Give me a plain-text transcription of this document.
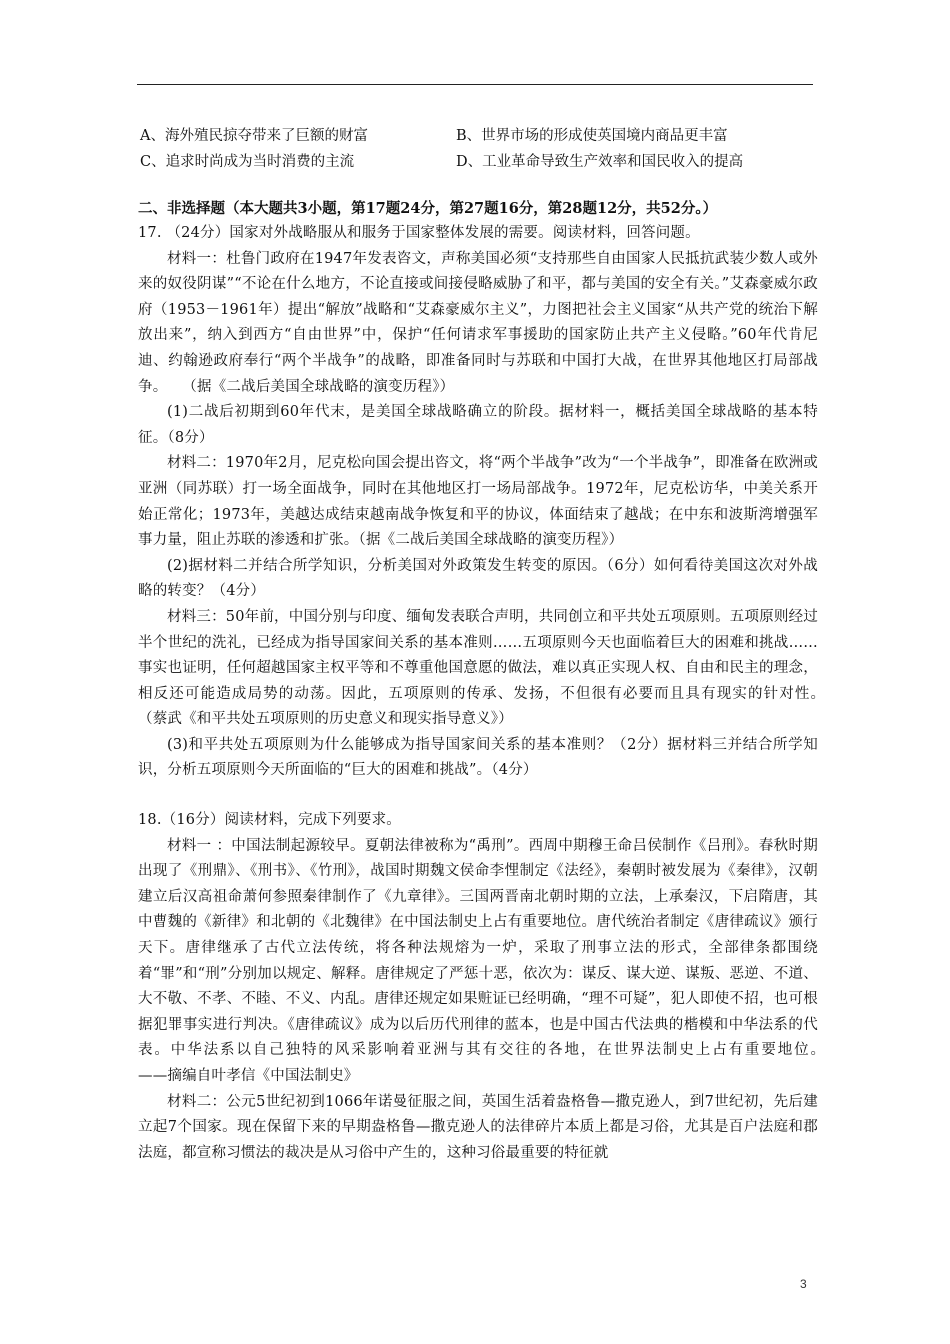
A、海外殖民掠夺带来了巨额的财富	B、世界市场的形成使英国境内商品更丰富
C、追求时尚成为当时消费的主流	D、工业革命导致生产效率和国民收入的提高
二、非选择题（本大题共3小题，第17题24分，第27题16分，第28题12分，共52分。）

17. （24分）国家对外战略服从和服务于国家整体发展的需要。阅读材料，回答问题。

材料一：杜鲁门政府在1947年发表咨文，声称美国必须“支持那些自由国家人民抵抗武装少数人或外来的奴役阴谋”“不论在什么地方，不论直接或间接侵略威胁了和平，都与美国的安全有关。”艾森豪威尔政府（1953－1961年）提出“解放”战略和“艾森豪威尔主义”，力图把社会主义国家“从共产党的统治下解放出来”，纳入到西方“自由世界”中，保护“任何请求军事援助的国家防止共产主义侵略。”60年代肯尼迪、约翰逊政府奉行“两个半战争”的战略，即准备同时与苏联和中国打大战，在世界其他地区打局部战争。　　（据《二战后美国全球战略的演变历程》）

(1)二战后初期到60年代末，是美国全球战略确立的阶段。据材料一，概括美国全球战略的基本特征。（8分）

材料二：1970年2月，尼克松向国会提出咨文，将“两个半战争”改为“一个半战争”，即准备在欧洲或亚洲（同苏联）打一场全面战争，同时在其他地区打一场局部战争。1972年，尼克松访华，中美关系开始正常化；1973年，美越达成结束越南战争恢复和平的协议，体面结束了越战；在中东和波斯湾增强军事力量，阻止苏联的渗透和扩张。（据《二战后美国全球战略的演变历程》）

(2)据材料二并结合所学知识，分析美国对外政策发生转变的原因。（6分）如何看待美国这次对外战略的转变？（4分）

材料三：50年前，中国分别与印度、缅甸发表联合声明，共同创立和平共处五项原则。五项原则经过半个世纪的洗礼，已经成为指导国家间关系的基本准则……五项原则今天也面临着巨大的困难和挑战……事实也证明，任何超越国家主权平等和不尊重他国意愿的做法，难以真正实现人权、自由和民主的理念，相反还可能造成局势的动荡。因此，五项原则的传承、发扬，不但很有必要而且具有现实的针对性。　　　　　　（蔡武《和平共处五项原则的历史意义和现实指导意义》）

(3)和平共处五项原则为什么能够成为指导国家间关系的基本准则？（2分）据材料三并结合所学知识，分析五项原则今天所面临的“巨大的困难和挑战”。（4分）

18.（16分）阅读材料，完成下列要求。

材料一 ：中国法制起源较早。夏朝法律被称为“禹刑”。西周中期穆王命吕侯制作《吕刑》。春秋时期出现了《刑鼎》、《刑书》、《竹刑》，战国时期魏文侯命李悝制定《法经》，秦朝时被发展为《秦律》，汉朝建立后汉高祖命萧何参照秦律制作了《九章律》。三国两晋南北朝时期的立法，上承秦汉，下启隋唐，其中曹魏的《新律》和北朝的《北魏律》在中国法制史上占有重要地位。唐代统治者制定《唐律疏议》颁行天下。唐律继承了古代立法传统，将各种法规熔为一炉，采取了刑事立法的形式，全部律条都围绕着“罪”和“刑”分别加以规定、解释。唐律规定了严惩十恶，依次为：谋反、谋大逆、谋叛、恶逆、不道、大不敬、不孝、不睦、不义、内乱。唐律还规定如果赃证已经明确，“理不可疑”，犯人即使不招，也可根据犯罪事实进行判决。《唐律疏议》成为以后历代刑律的蓝本，也是中国古代法典的楷模和中华法系的代表。中华法系以自己独特的风采影响着亚洲与其有交往的各地，在世界法制史上占有重要地位。　　　　——摘编自叶孝信《中国法制史》

材料二：公元5世纪初到1066年诺曼征服之间，英国生活着盎格鲁—撒克逊人，到7世纪初，先后建立起7个国家。现在保留下来的早期盎格鲁—撒克逊人的法律碎片本质上都是习俗，尤其是百户法庭和郡法庭，都宣称习惯法的裁决是从习俗中产生的，这种习俗最重要的特征就

3
